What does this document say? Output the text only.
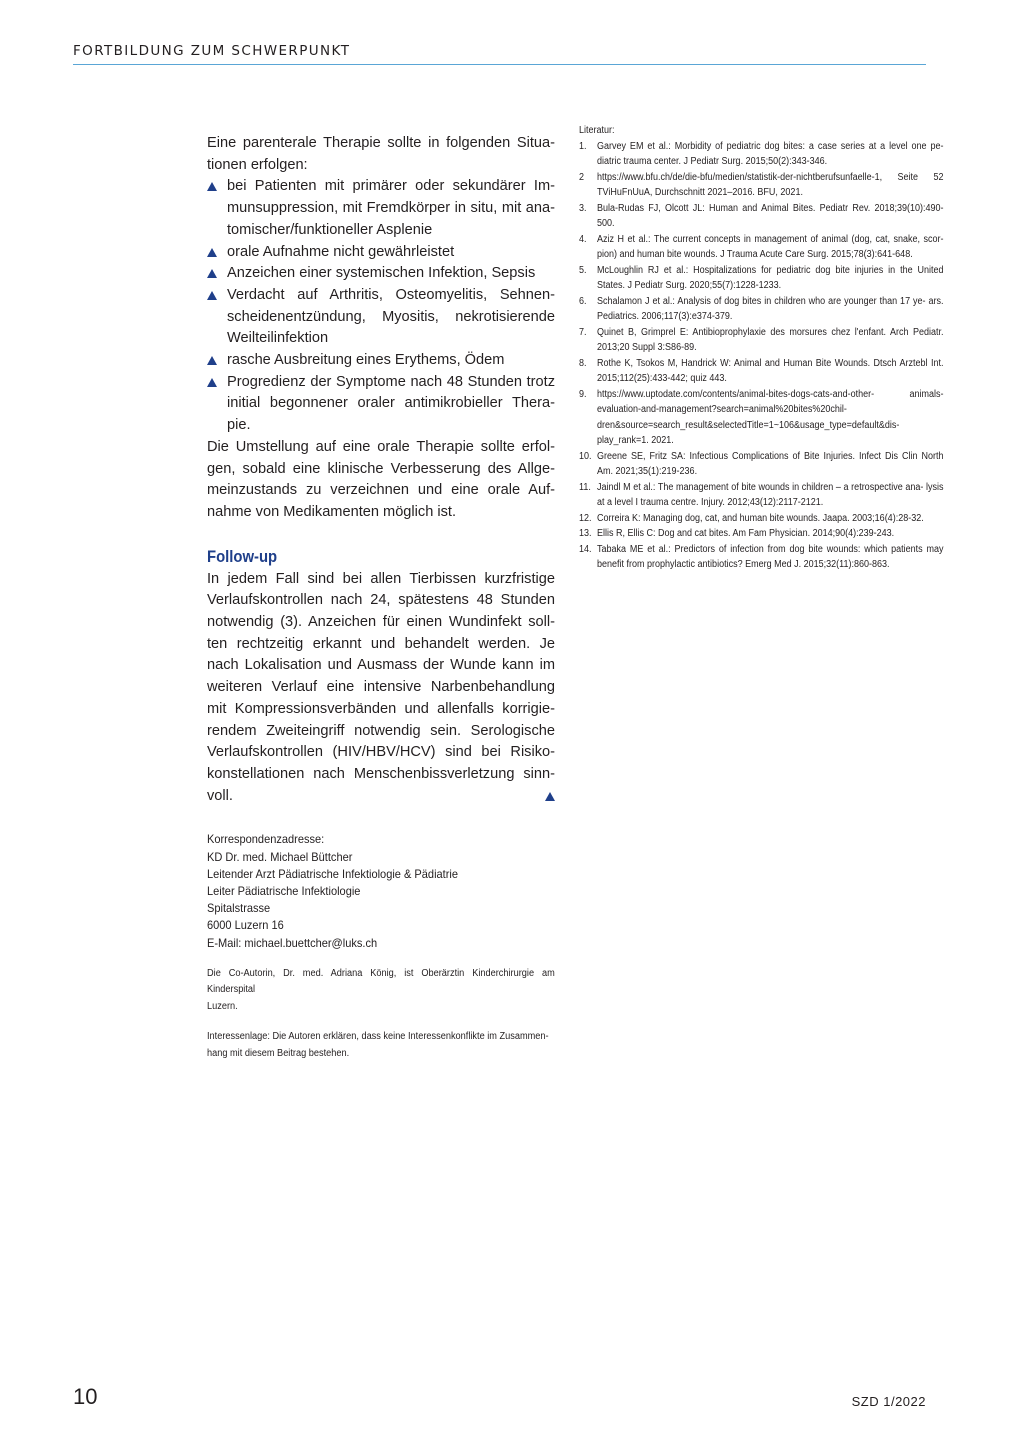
FORTBILDUNG ZUM SCHWERPUNKT

Eine parenterale Therapie sollte in folgenden Situa- tionen erfolgen:

bei Patienten mit primärer oder sekundärer Im- munsuppression, mit Fremdkörper in situ, mit ana- tomischer/funktioneller Asplenie
orale Aufnahme nicht gewährleistet
Anzeichen einer systemischen Infektion, Sepsis
Verdacht auf Arthritis, Osteomyelitis, Sehnen- scheidenentzündung, Myositis, nekrotisierende Weilteilinfektion
rasche Ausbreitung eines Erythems, Ödem
Progredienz der Symptome nach 48 Stunden trotz initial begonnener oraler antimikrobieller Thera- pie.

Die Umstellung auf eine orale Therapie sollte erfol- gen, sobald eine klinische Verbesserung des Allge- meinzustands zu verzeichnen und eine orale Auf- nahme von Medikamenten möglich ist.

Follow-up

In jedem Fall sind bei allen Tierbissen kurzfristige Verlaufskontrollen nach 24, spätestens 48 Stunden notwendig (3). Anzeichen für einen Wundinfekt soll- ten rechtzeitig erkannt und behandelt werden. Je nach Lokalisation und Ausmass der Wunde kann im weiteren Verlauf eine intensive Narbenbehandlung mit Kompressionsverbänden und allenfalls korrigie- rendem Zweiteingriff notwendig sein. Serologische Verlaufskontrollen (HIV/HBV/HCV) sind bei Risiko- konstellationen nach Menschenbissverletzung sinn- voll.

Korrespondenzadresse:
KD Dr. med. Michael Büttcher
Leitender Arzt Pädiatrische Infektiologie & Pädiatrie
Leiter Pädiatrische Infektiologie
Spitalstrasse
6000 Luzern 16
E-Mail: michael.buettcher@luks.ch
Die Co-Autorin, Dr. med. Adriana König, ist Oberärztin Kinderchirurgie am Kinderspital
Luzern.
Interessenlage: Die Autoren erklären, dass keine Interessenkonflikte im Zusammen-
hang mit diesem Beitrag bestehen.
Literatur:
1. Garvey EM et al.: Morbidity of pediatric dog bites: a case series at a level one pe- diatric trauma center. J Pediatr Surg. 2015;50(2):343-346.
2 https://www.bfu.ch/de/die-bfu/medien/statistik-der-nichtberufsunfaelle-1, Seite 52 TViHuFnUuA, Durchschnitt 2021–2016. BFU, 2021.
3. Bula-Rudas FJ, Olcott JL: Human and Animal Bites. Pediatr Rev. 2018;39(10):490- 500.
4. Aziz H et al.: The current concepts in management of animal (dog, cat, snake, scor- pion) and human bite wounds. J Trauma Acute Care Surg. 2015;78(3):641-648.
5. McLoughlin RJ et al.: Hospitalizations for pediatric dog bite injuries in the United States. J Pediatr Surg. 2020;55(7):1228-1233.
6. Schalamon J et al.: Analysis of dog bites in children who are younger than 17 ye- ars. Pediatrics. 2006;117(3):e374-379.
7. Quinet B, Grimprel E: Antibioprophylaxie des morsures chez l'enfant. Arch Pediatr. 2013;20 Suppl 3:S86-89.
8. Rothe K, Tsokos M, Handrick W: Animal and Human Bite Wounds. Dtsch Arztebl Int. 2015;112(25):433-442; quiz 443.
9. https://www.uptodate.com/contents/animal-bites-dogs-cats-and-other-	animals-evaluation-and-management?search=animal%20bites%20chil- dren&source=search_result&selectedTitle=1~106&usage_type=default&dis- play_rank=1. 2021.
10. Greene SE, Fritz SA: Infectious Complications of Bite Injuries. Infect Dis Clin North Am. 2021;35(1):219-236.
11. Jaindl M et al.: The management of bite wounds in children – a retrospective ana- lysis at a level I trauma centre. Injury. 2012;43(12):2117-2121.
12. Correira K: Managing dog, cat, and human bite wounds. Jaapa. 2003;16(4):28-32.
13. Ellis R, Ellis C: Dog and cat bites. Am Fam Physician. 2014;90(4):239-243.
14. Tabaka ME et al.: Predictors of infection from dog bite wounds: which patients may benefit from prophylactic antibiotics? Emerg Med J. 2015;32(11):860-863.
10	SZD 1/2022
